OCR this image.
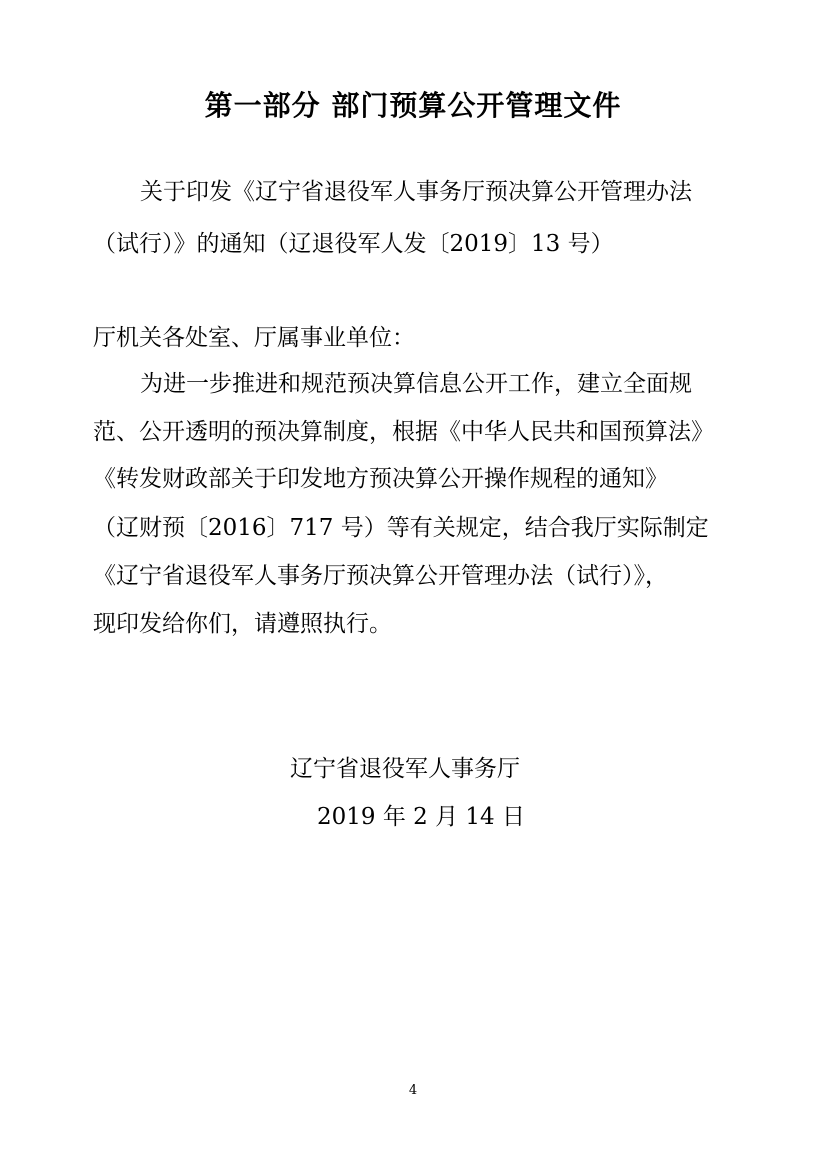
第一部分 部门预算公开管理文件
关于印发《辽宁省退役军人事务厅预决算公开管理办法
（试行）》的通知（辽退役军人发〔2019〕13 号）
厅机关各处室、厅属事业单位：
为进一步推进和规范预决算信息公开工作，建立全面规
范、公开透明的预决算制度，根据《中华人民共和国预算法》
《转发财政部关于印发地方预决算公开操作规程的通知》
（辽财预〔2016〕717 号）等有关规定，结合我厅实际制定
《辽宁省退役军人事务厅预决算公开管理办法（试行）》，
现印发给你们，请遵照执行。
辽宁省退役军人事务厅
2019 年 2 月 14 日
4
